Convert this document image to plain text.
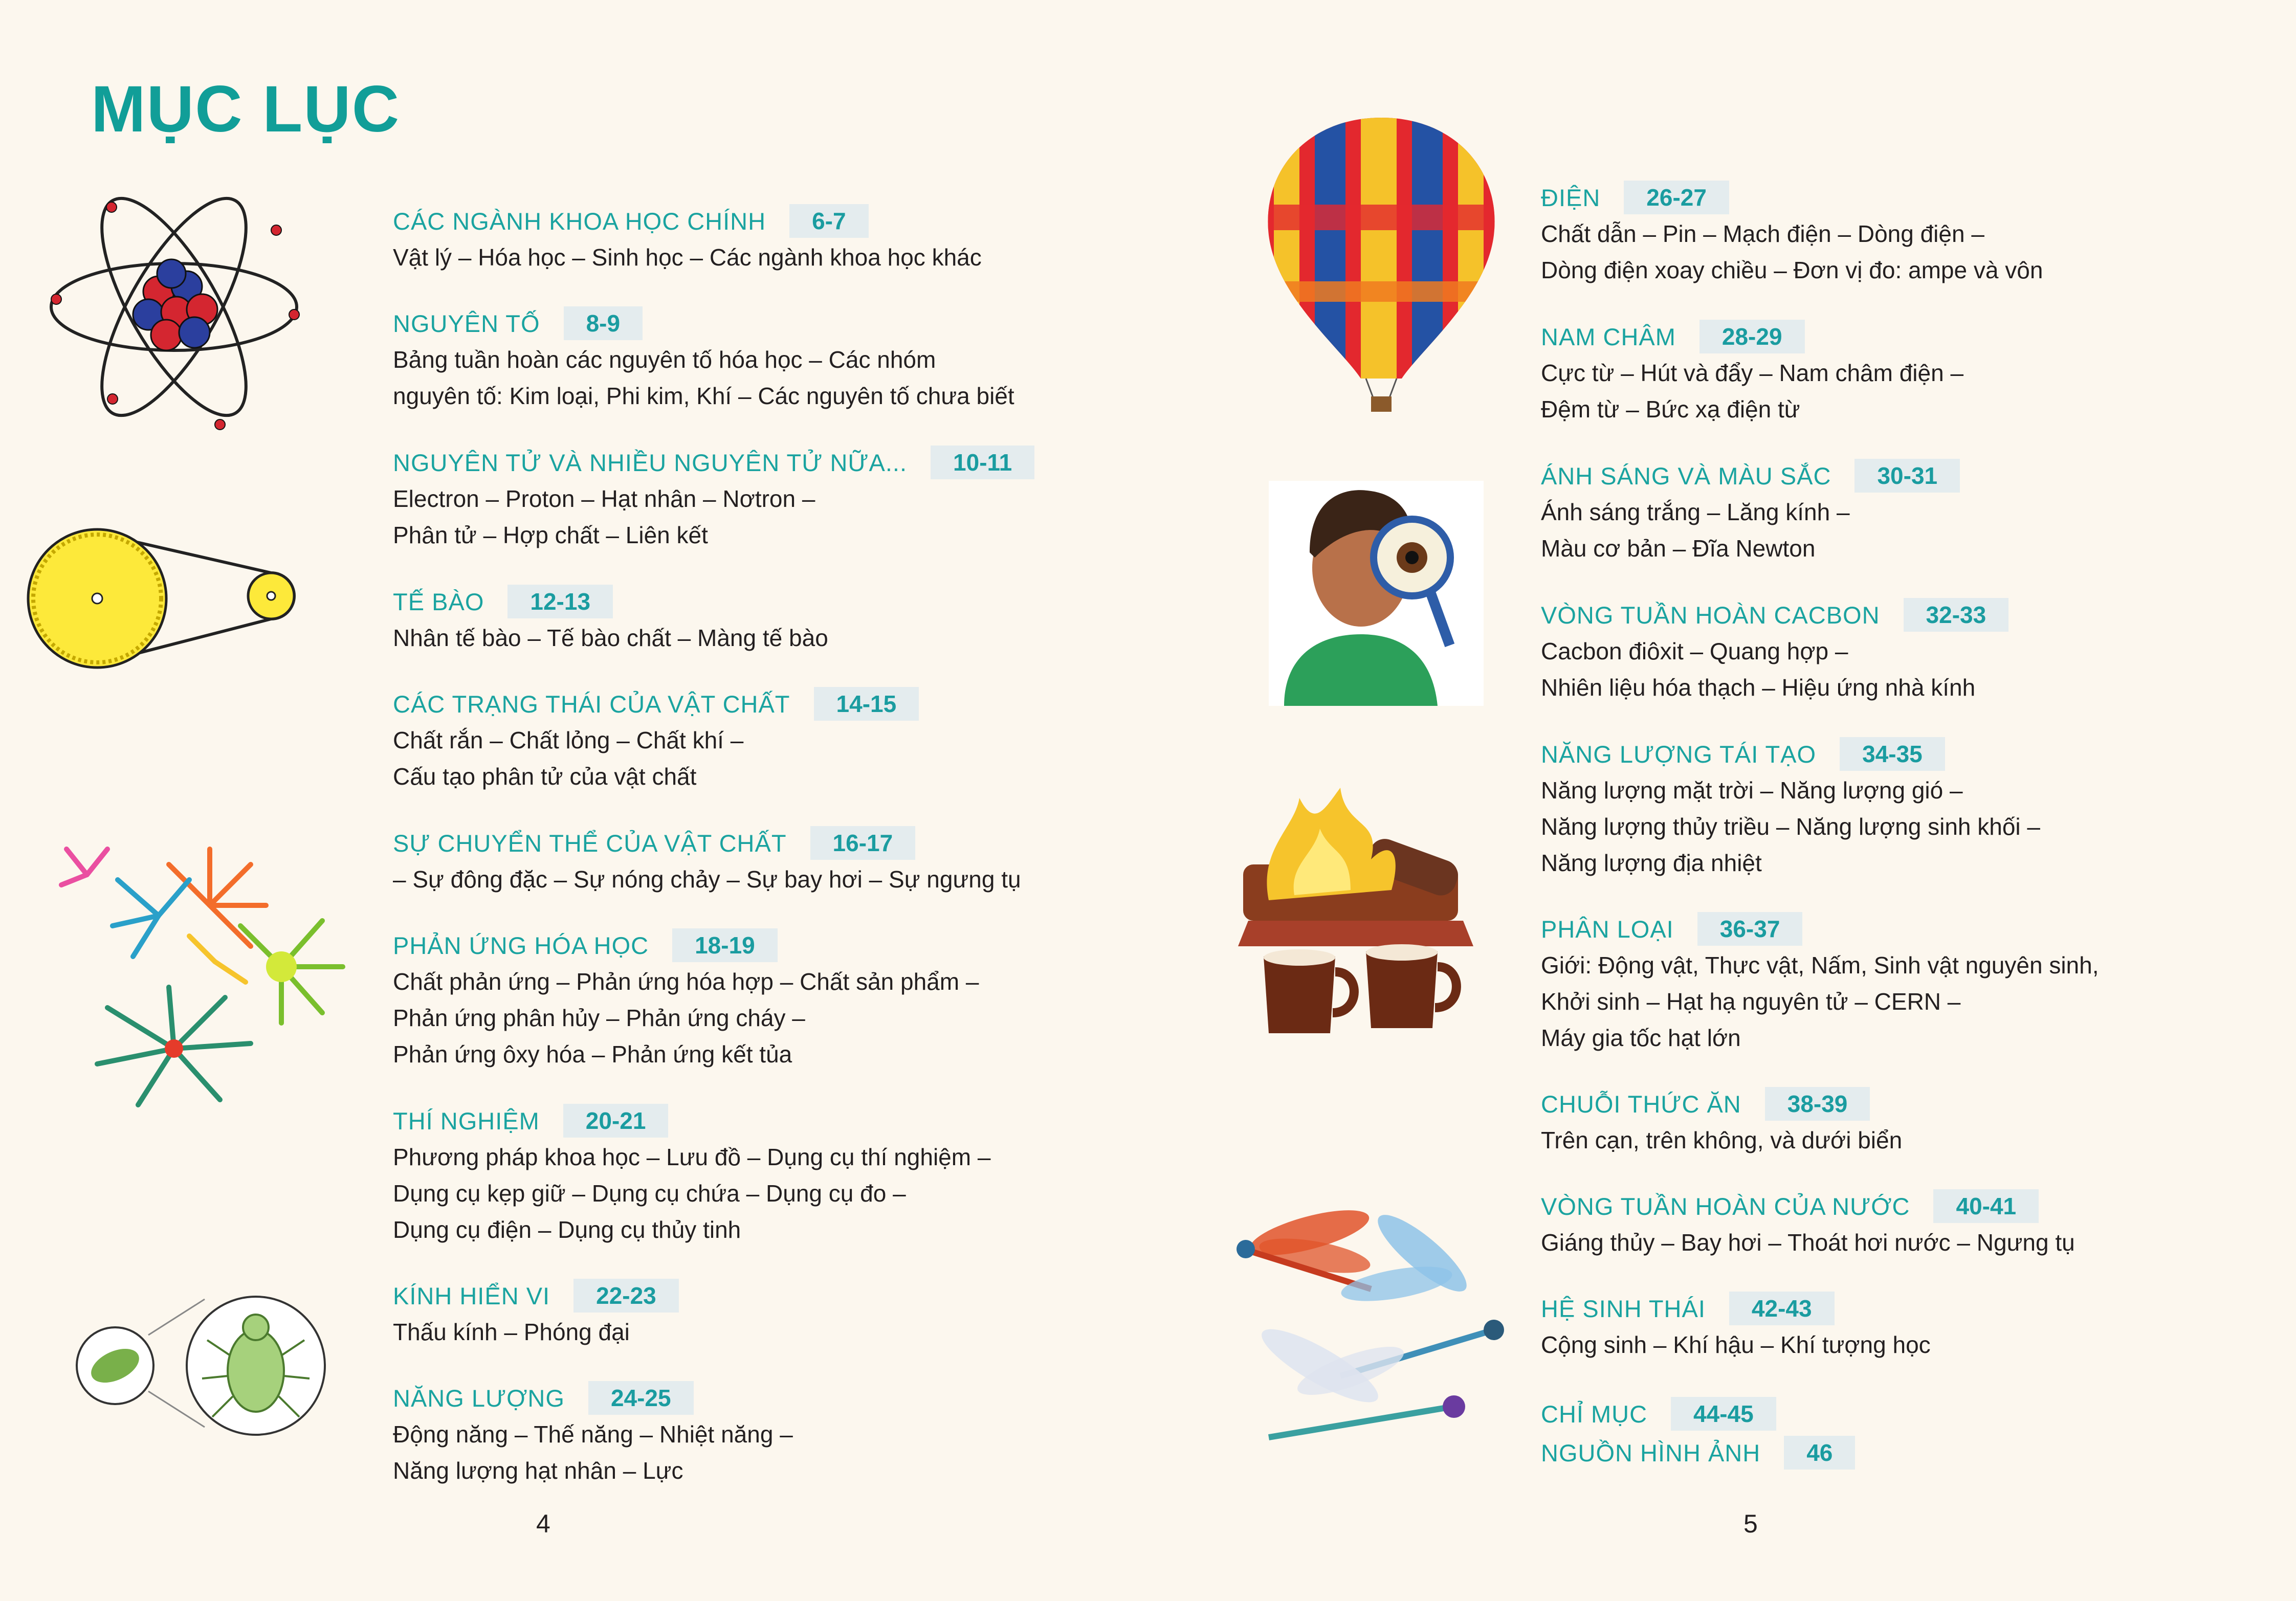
MỤC LỤC
CÁC NGÀNH KHOA HỌC CHÍNH	6-7
Vật lý – Hóa học – Sinh học – Các ngành khoa học khác
NGUYÊN TỐ	8-9
Bảng tuần hoàn các nguyên tố hóa học – Các nhóm
nguyên tố: Kim loại, Phi kim, Khí – Các nguyên tố chưa biết
NGUYÊN TỬ VÀ NHIỀU NGUYÊN TỬ NỮA...	10-11
Electron – Proton – Hạt nhân – Nơtron –
Phân tử – Hợp chất – Liên kết
TẾ BÀO	12-13
Nhân tế bào – Tế bào chất – Màng tế bào
CÁC TRẠNG THÁI CỦA VẬT CHẤT	14-15
Chất rắn – Chất lỏng – Chất khí –
Cấu tạo phân tử của vật chất
SỰ CHUYỂN THỂ CỦA VẬT CHẤT	16-17
– Sự đông đặc – Sự nóng chảy – Sự bay hơi – Sự ngưng tụ
PHẢN ỨNG HÓA HỌC	18-19
Chất phản ứng – Phản ứng hóa hợp – Chất sản phẩm –
Phản ứng phân hủy – Phản ứng cháy –
Phản ứng ôxy hóa – Phản ứng kết tủa
THÍ NGHIỆM	20-21
Phương pháp khoa học – Lưu đồ – Dụng cụ thí nghiệm –
Dụng cụ kẹp giữ – Dụng cụ chứa – Dụng cụ đo –
Dụng cụ điện – Dụng cụ thủy tinh
KÍNH HIỂN VI	22-23
Thấu kính – Phóng đại
NĂNG LƯỢNG	24-25
Động năng – Thế năng – Nhiệt năng –
Năng lượng hạt nhân – Lực
ĐIỆN	26-27
Chất dẫn – Pin – Mạch điện – Dòng điện –
Dòng điện xoay chiều – Đơn vị đo: ampe và vôn
NAM CHÂM	28-29
Cực từ – Hút và đẩy – Nam châm điện –
Đệm từ – Bức xạ điện từ
ÁNH SÁNG VÀ MÀU SẮC	30-31
Ánh sáng trắng – Lăng kính –
Màu cơ bản – Đĩa Newton
VÒNG TUẦN HOÀN CACBON	32-33
Cacbon điôxit – Quang hợp –
Nhiên liệu hóa thạch – Hiệu ứng nhà kính
NĂNG LƯỢNG TÁI TẠO	34-35
Năng lượng mặt trời – Năng lượng gió –
Năng lượng thủy triều – Năng lượng sinh khối –
Năng lượng địa nhiệt
PHÂN LOẠI	36-37
Giới: Động vật, Thực vật, Nấm, Sinh vật nguyên sinh,
Khởi sinh – Hạt hạ nguyên tử – CERN –
Máy gia tốc hạt lớn
CHUỖI THỨC ĂN	38-39
Trên cạn, trên không, và dưới biển
VÒNG TUẦN HOÀN CỦA NƯỚC	40-41
Giáng thủy – Bay hơi – Thoát hơi nước – Ngưng tụ
HỆ SINH THÁI	42-43
Cộng sinh – Khí hậu – Khí tượng học
CHỈ MỤC	44-45
NGUỒN HÌNH ẢNH	46
4	5
